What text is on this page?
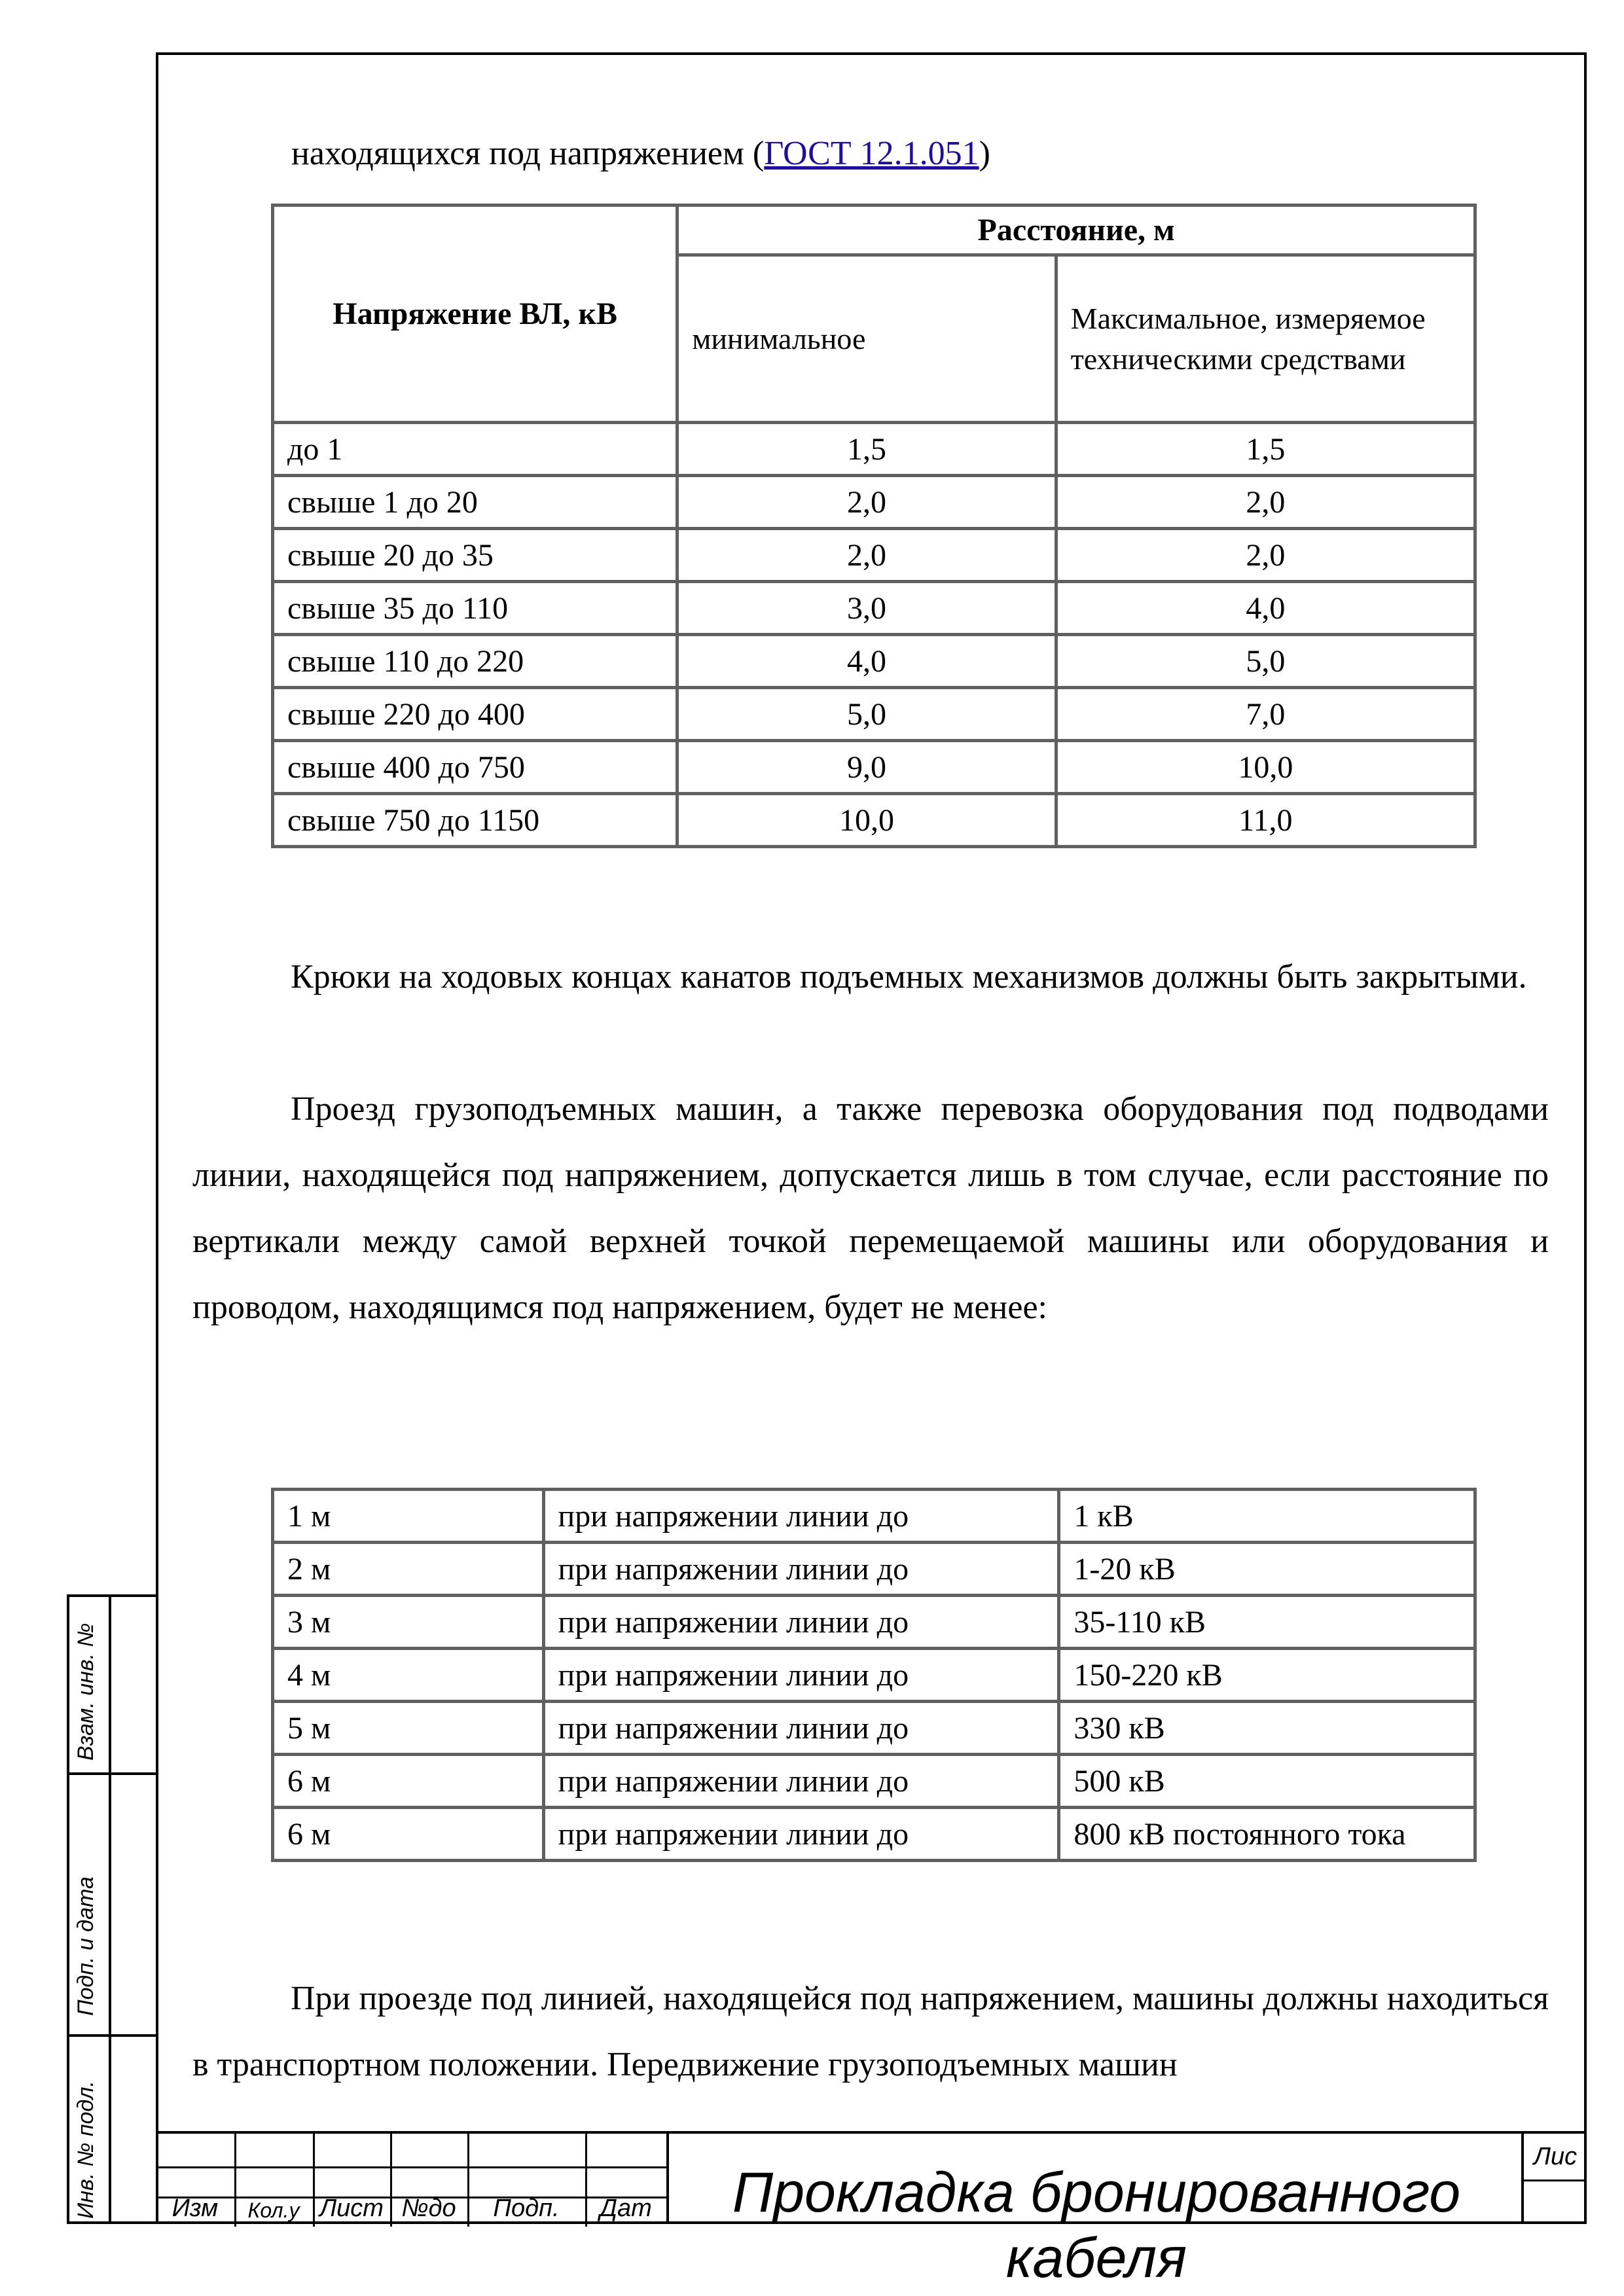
Взам. инв. №
Подп. и дата
Инв. № подл.
находящихся под напряжением (ГОСТ 12.1.051)
Напряжение ВЛ, кВ	Расстояние, м	
	минимальное	Максимальное, измеряемое техническими средствами
до 1	1,5	1,5
свыше 1 до 20	2,0	2,0
свыше 20 до 35	2,0	2,0
свыше 35 до 110	3,0	4,0
свыше 110 до 220	4,0	5,0
свыше 220 до 400	5,0	7,0
свыше 400 до 750	9,0	10,0
свыше 750 до 1150	10,0	11,0

Крюки на ходовых концах канатов подъемных механизмов должны быть закрытыми.

Проезд грузоподъемных машин, а также перевозка оборудования под подводами линии, находящейся под напряжением, допускается лишь в том случае, если расстояние по вертикали между самой верхней точкой перемещаемой машины или оборудования и проводом, находящимся под напряжением, будет не менее:

1 м	при напряжении линии до	1 кВ
2 м	при напряжении линии до	1-20 кВ
3 м	при напряжении линии до	35-110 кВ
4 м	при напряжении линии до	150-220 кВ
5 м	при напряжении линии до	330 кВ
6 м	при напряжении линии до	500 кВ
6 м	при напряжении линии до	800 кВ постоянного тока

При проезде под линией, находящейся под напряжением, машины должны находиться в транспортном положении. Передвижение грузоподъемных машин

Изм	Кол.у Лист №до	Подп.	Дат	Прокладка бронированного кабеля
Лис
